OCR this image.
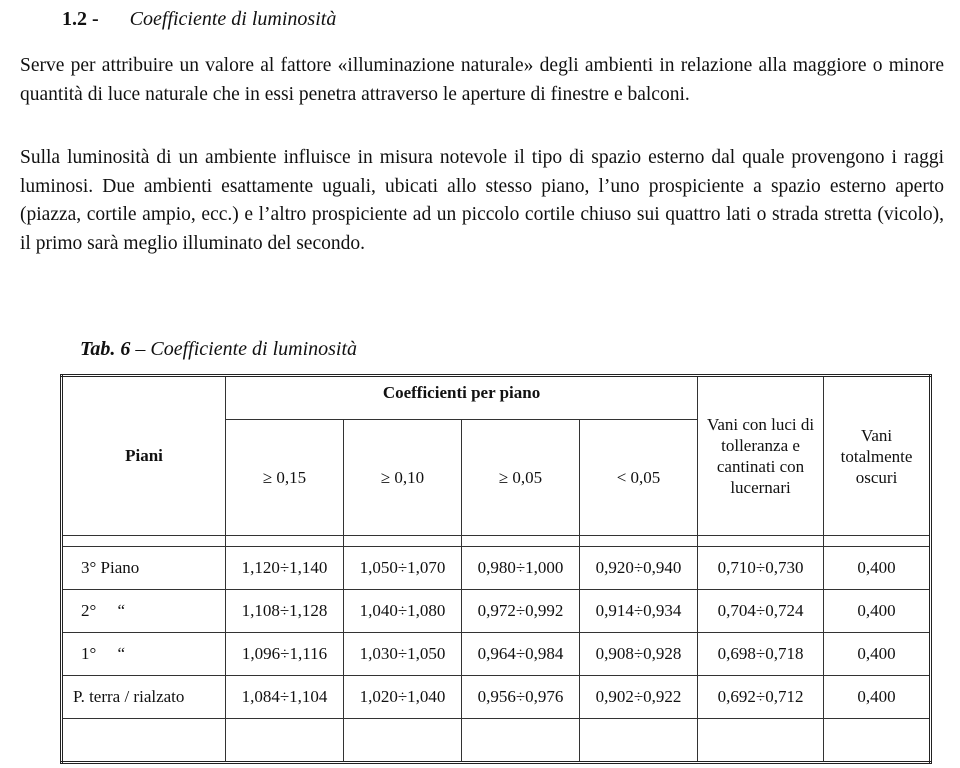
1.2 - Coefficiente di luminosità

Serve per attribuire un valore al fattore «illuminazione naturale» degli ambienti in relazione alla maggiore o minore quantità di luce naturale che in essi penetra attraverso le aperture di finestre e balconi.

Sulla luminosità di un ambiente influisce in misura notevole il tipo di spazio esterno dal quale provengono i raggi luminosi. Due ambienti esattamente uguali, ubicati allo stesso piano, l’uno prospiciente a spazio esterno aperto (piazza, cortile ampio, ecc.) e l’altro prospiciente ad un piccolo cortile chiuso sui quattro lati o strada stretta (vicolo), il primo sarà meglio illuminato del secondo.

Tab. 6 – Coefficiente di luminosità
Piani	Coefficienti per piano				Vani con luci di tolleranza e cantinati con lucernari	Vani totalmente oscuri
	≥ 0,15	≥ 0,10	≥ 0,05	< 0,05		

3° Piano	1,120÷1,140	1,050÷1,070	0,980÷1,000	0,920÷0,940	0,710÷0,730	0,400
2°     “	1,108÷1,128	1,040÷1,080	0,972÷0,992	0,914÷0,934	0,704÷0,724	0,400
1°     “	1,096÷1,116	1,030÷1,050	0,964÷0,984	0,908÷0,928	0,698÷0,718	0,400
P. terra / rialzato	1,084÷1,104	1,020÷1,040	0,956÷0,976	0,902÷0,922	0,692÷0,712	0,400
